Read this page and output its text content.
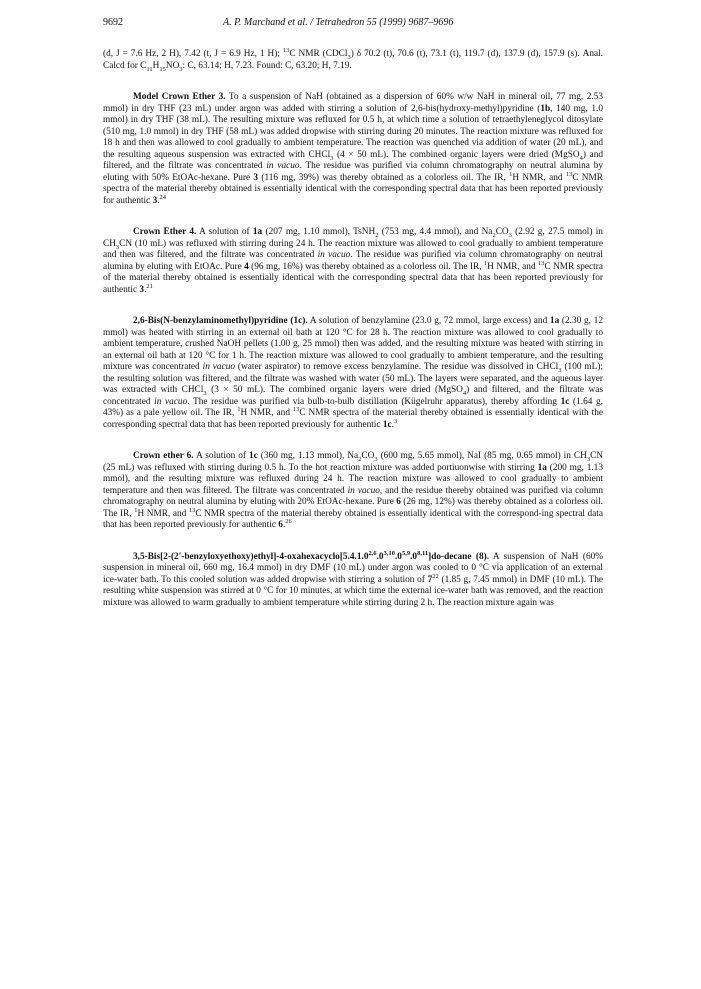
9692	A. P. Marchand et al. / Tetrahedron 55 (1999) 9687–9696

(d, J = 7.6 Hz, 2 H), 7.42 (t, J = 6.9 Hz, 1 H); $^{13}$C NMR (CDCl$_3$) δ 70.2 (t), 70.6 (t), 73.1 (t), 119.7 (d), 137.9 (d), 157.9 (s). Anal. Calcd for $C_{11}H_{15}NO_3$: C, 63.14; H, 7.23. Found: C, 63.20; H, 7.19.

Model Crown Ether 3. To a suspension of NaH (obtained as a dispersion of 60% w/w NaH in mineral oil, 77 mg, 2.53 mmol) in dry THF (23 mL) under argon was added with stirring a solution of 2,6-bis(hydroxy-methyl)pyridine (1b, 140 mg, 1.0 mmol) in dry THF (38 mL). The resulting mixture was refluxed for 0.5 h, at which time a solution of tetraethyleneglycol ditosylate (510 mg, 1.0 mmol) in dry THF (58 mL) was added dropwise with stirring during 20 minutes. The reaction mixture was refluxed for 18 h and then was allowed to cool gradually to ambient temperature. The reaction was quenched via addition of water (20 mL), and the resulting aqueous suspension was extracted with CHCl$_3$ (4 × 50 mL). The combined organic layers were dried (MgSO$_4$) and filtered, and the filtrate was concentrated in vacuo. The residue was purified via column chromatography on neutral alumina by eluting with 50% EtOAc-hexane. Pure 3 (116 mg, 39%) was thereby obtained as a colorless oil. The IR, $^1$H NMR, and $^{13}$C NMR spectra of the material thereby obtained is essentially identical with the corresponding spectral data that has been reported previously for authentic 3.24

Crown Ether 4. A solution of 1a (207 mg, 1.10 mmol), TsNH$_2$ (753 mg, 4.4 mmol), and $Na_2CO_3$ (2.92 g, 27.5 mmol) in $CH_3CN$ (10 mL) was refluxed with stirring during 24 h. The reaction mixture was allowed to cool gradually to ambient temperature and then was filtered, and the filtrate was concentrated in vacuo. The residue was purified via column chromatography on neutral alumina by eluting with EtOAc. Pure 4 (96 mg, 16%) was thereby obtained as a colorless oil. The IR, $^1$H NMR, and $^{13}$C NMR spectra of the material thereby obtained is essentially identical with the corresponding spectral data that has been reported previously for authentic 3.21

2,6-Bis(N-benzylaminomethyl)pyridine (1c). A solution of benzylamine (23.0 g, 72 mmol, large excess) and 1a (2.30 g, 12 mmol) was heated with stirring in an external oil bath at 120 °C for 28 h. The reaction mixture was allowed to cool gradually to ambient temperature, crushed NaOH pellets (1.00 g, 25 mmol) then was added, and the resulting mixture was heated with stirring in an external oil bath at 120 °C for 1 h. The reaction mixture was allowed to cool gradually to ambient temperature, and the resulting mixture was concentrated in vacuo (water aspirator) to remove excess benzylamine. The residue was dissolved in CHCl$_3$ (100 mL); the resulting solution was filtered, and the filtrate was washed with water (50 mL). The layers were separated, and the aqueous layer was extracted with CHCl$_3$ (3 × 50 mL). The combined organic layers were dried (MgSO$_4$) and filtered, and the filtrate was concentrated in vacuo. The residue was purified via bulb-to-bulb distillation (Kügelruhr apparatus), thereby affording 1c (1.64 g, 43%) as a pale yellow oil. The IR, $^1$H NMR, and $^{13}$C NMR spectra of the material thereby obtained is essentially identical with the corresponding spectral data that has been reported previously for authentic 1c.$^3$

Crown ether 6. A solution of 1c (360 mg, 1.13 mmol), $Na_2CO_3$ (600 mg, 5.65 mmol), NaI (85 mg, 0.65 mmol) in $CH_3CN$ (25 mL) was refluxed with stirring during 0.5 h. To the hot reaction mixture was added portiuonwise with stirring 1a (200 mg, 1.13 mmol), and the resulting mixture was refluxed during 24 h. The reaction mixture was allowed to cool gradually to ambient temperature and then was filtered. The filtrate was concentrated in vacuo, and the residue thereby obtained was purified via column chromatography on neutral alumina by eluting with 20% EtOAc-hexane. Pure 6 (26 mg, 12%) was thereby obtained as a colorless oil. The IR, $^1$H NMR, and $^{13}$C NMR spectra of the material thereby obtained is essentially identical with the correspond-ing spectral data that has been reported previously for authentic 6.26

3,5-Bis[2-(2'-benzyloxyethoxy)ethyl]-4-oxahexacyclo[5.4.1.0$^{2,6}$.0$^{3,10}$.0$^{5,9}$.0$^{8,11}$]do-decane (8). A suspension of NaH (60% suspension in mineral oil, 660 mg, 16.4 mmol) in dry DMF (10 mL) under argon was cooled to 0 °C via application of an external ice-water bath. To this cooled solution was added dropwise with stirring a solution of $7^{22}$ (1.85 g, 7.45 mmol) in DMF (10 mL). The resulting white suspension was stirred at 0 °C for 10 minutes, at which time the external ice-water bath was removed, and the reaction mixture was allowed to warm gradually to ambient temperature while stirring during 2 h. The reaction mixture again was
